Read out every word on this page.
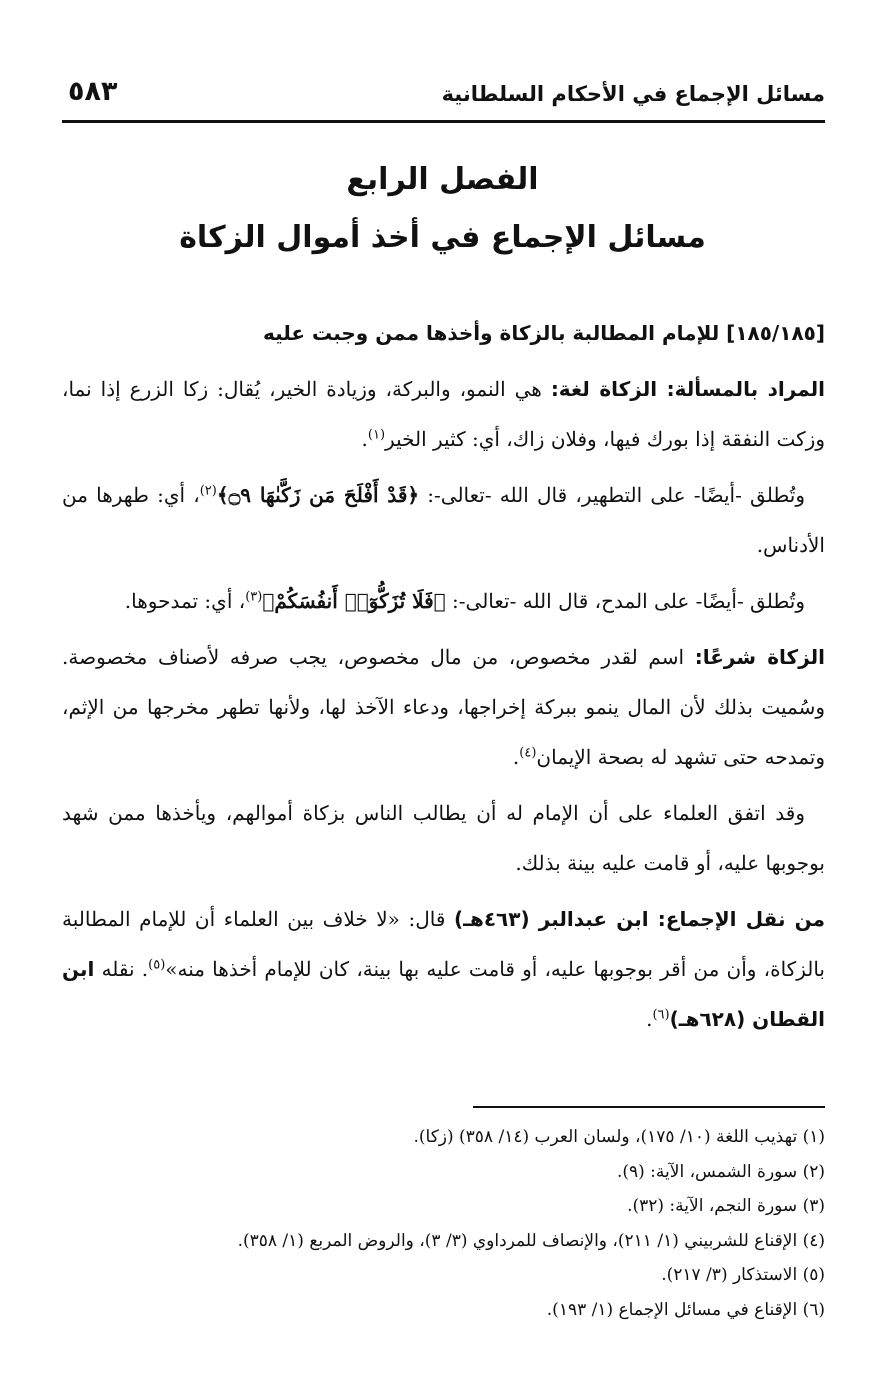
مسائل الإجماع في الأحكام السلطانية
٥٨٣
الفصل الرابع
مسائل الإجماع في أخذ أموال الزكاة

[١٨٥/١٨٥] للإمام المطالبة بالزكاة وأخذها ممن وجبت عليه

المراد بالمسألة: الزكاة لغة: هي النمو، والبركة، وزيادة الخير، يُقال: زكا الزرع إذا نما، وزكت النفقة إذا بورك فيها، وفلان زاك، أي: كثير الخير$^{(١)}$.

وتُطلق -أيضًا- على التطهير، قال الله -تعالى-: ﴿قَدْ أَفْلَحَ مَن زَكَّىٰهَا ۝٩﴾$^{(٢)}$، أي: طهرها من الأدناس.

وتُطلق -أيضًا- على المدح، قال الله -تعالى-: ﴿فَلَا تُزَكُّوٓا۟ أَنفُسَكُمْ﴾$^{(٣)}$، أي: تمدحوها.

الزكاة شرعًا: اسم لقدر مخصوص، من مال مخصوص، يجب صرفه لأصناف مخصوصة. وسُميت بذلك لأن المال ينمو ببركة إخراجها، ودعاء الآخذ لها، ولأنها تطهر مخرجها من الإثم، وتمدحه حتى تشهد له بصحة الإيمان$^{(٤)}$.

وقد اتفق العلماء على أن الإمام له أن يطالب الناس بزكاة أموالهم، ويأخذها ممن شهد بوجوبها عليه، أو قامت عليه بينة بذلك.

من نقل الإجماع: ابن عبدالبر (٤٦٣هـ) قال: «لا خلاف بين العلماء أن للإمام المطالبة بالزكاة، وأن من أقر بوجوبها عليه، أو قامت عليه بها بينة، كان للإمام أخذها منه»$^{(٥)}$. نقله ابن القطان (٦٢٨هـ)$^{(٦)}$.

(١) تهذيب اللغة (١٠/ ١٧٥)، ولسان العرب (١٤/ ٣٥٨) (زكا).
(٢) سورة الشمس، الآية: (٩).
(٣) سورة النجم، الآية: (٣٢).
(٤) الإقناع للشربيني (١/ ٢١١)، والإنصاف للمرداوي (٣/ ٣)، والروض المربع (١/ ٣٥٨).
(٥) الاستذكار (٣/ ٢١٧).
(٦) الإقناع في مسائل الإجماع (١/ ١٩٣).
